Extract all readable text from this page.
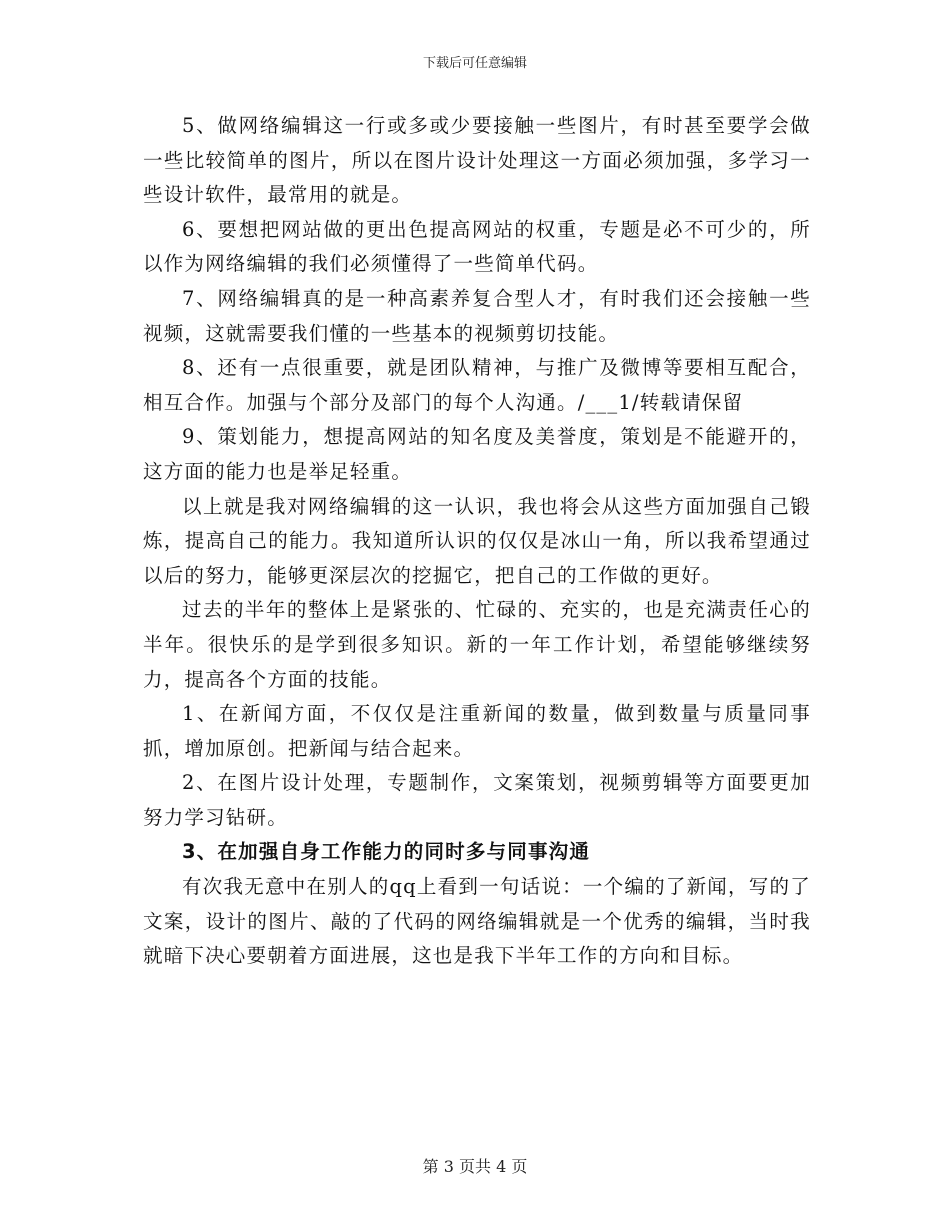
下载后可任意编辑

5、做网络编辑这一行或多或少要接触一些图片，有时甚至要学会做一些比较简单的图片，所以在图片设计处理这一方面必须加强，多学习一些设计软件，最常用的就是。

6、要想把网站做的更出色提高网站的权重，专题是必不可少的，所以作为网络编辑的我们必须懂得了一些简单代码。

7、网络编辑真的是一种高素养复合型人才，有时我们还会接触一些视频，这就需要我们懂的一些基本的视频剪切技能。

8、还有一点很重要，就是团队精神，与推广及微博等要相互配合，相互合作。加强与个部分及部门的每个人沟通。/___1/转载请保留

9、策划能力，想提高网站的知名度及美誉度，策划是不能避开的，这方面的能力也是举足轻重。

以上就是我对网络编辑的这一认识，我也将会从这些方面加强自己锻炼，提高自己的能力。我知道所认识的仅仅是冰山一角，所以我希望通过以后的努力，能够更深层次的挖掘它，把自己的工作做的更好。

过去的半年的整体上是紧张的、忙碌的、充实的，也是充满责任心的半年。很快乐的是学到很多知识。新的一年工作计划，希望能够继续努力，提高各个方面的技能。

1、在新闻方面，不仅仅是注重新闻的数量，做到数量与质量同事抓，增加原创。把新闻与结合起来。

2、在图片设计处理，专题制作，文案策划，视频剪辑等方面要更加努力学习钻研。

3、在加强自身工作能力的同时多与同事沟通

有次我无意中在别人的qq上看到一句话说：一个编的了新闻，写的了文案，设计的图片、敲的了代码的网络编辑就是一个优秀的编辑，当时我就暗下决心要朝着方面进展，这也是我下半年工作的方向和目标。

第 3 页共 4 页
